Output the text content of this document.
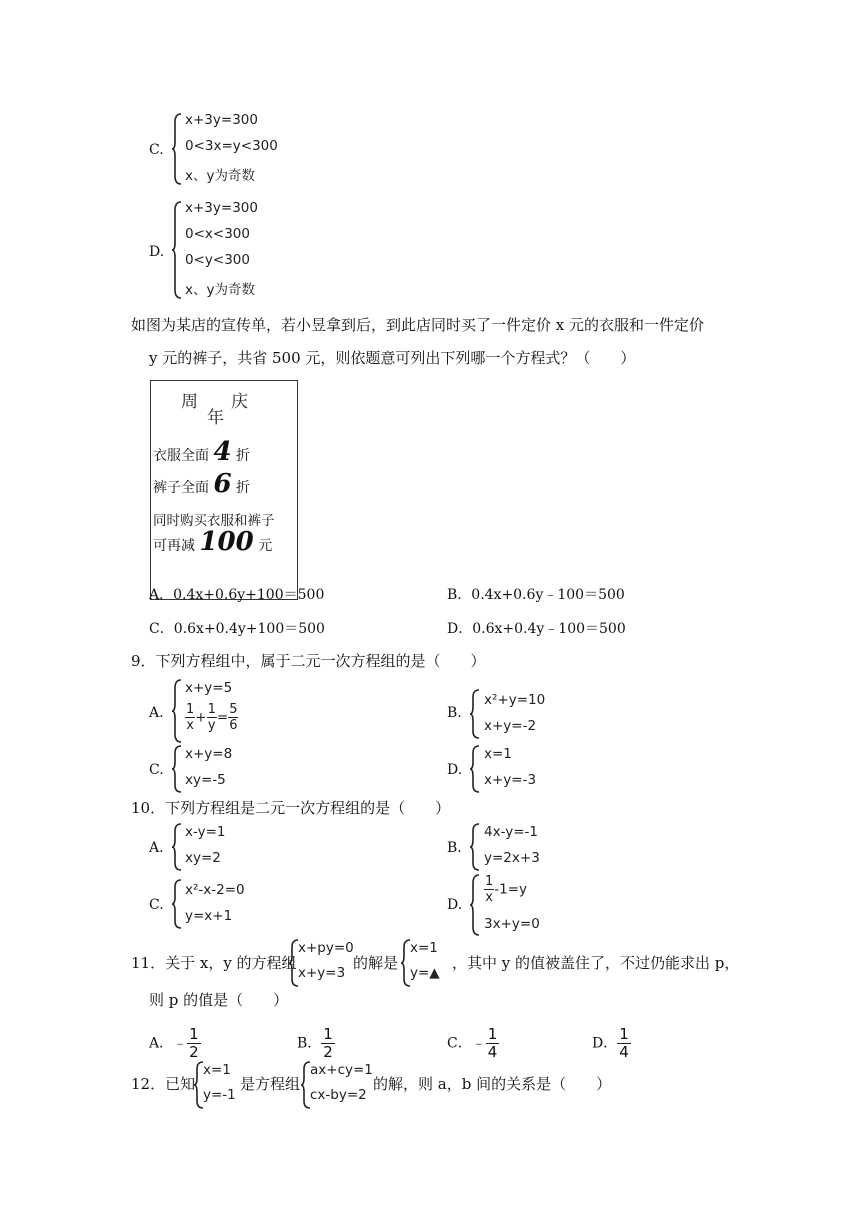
C.
x+3y=300
0<3x=y<300
x、y为奇数
D.
x+3y=300
0<x<300
0<y<300
x、y为奇数
如图为某店的宣传单，若小昱拿到后，到此店同时买了一件定价 x 元的衣服和一件定价
y 元的裤子，共省 500 元，则依题意可列出下列哪一个方程式？（　　）
周
年
庆
衣服全面 4 折
裤子全面 6 折
同时购买衣服和裤子
可再减 100 元
A．0.4x+0.6y+100＝500	B．0.4x+0.6y﹣100＝500
C．0.6x+0.4y+100＝500	D．0.6x+0.4y﹣100＝500
9．下列方程组中，属于二元一次方程组的是（　　）
A.
x+y=5
$\frac{1}{x} + \frac{1}{y} = \frac{5}{6}$	B.
x²+y=10
x+y=-2
C.
x+y=8
xy=-5
D.
x=1
x+y=-3
10．下列方程组是二元一次方程组的是（　　）
A.
x-y=1
xy=2
B.
4x-y=-1
y=2x+3
C.
x²-x-2=0
y=x+1
D. $\frac{1}{x} -1=y$
3x+y=0
11．关于 x，y 的方程组
x+py=0
x+y=3
的解是
x=1
y=▲
，其中 y 的值被盖住了，不过仍能求出 p，
则 p 的值是（　　）
A．﹣ $\frac{1}{2}$	B． $\frac{1}{2}$	C．﹣ $\frac{1}{4}$	D． $\frac{1}{4}$
12．已知
x=1
y=-1
是方程组
ax+cy=1
cx-by=2
的解，则 a，b 间的关系是（　　）
